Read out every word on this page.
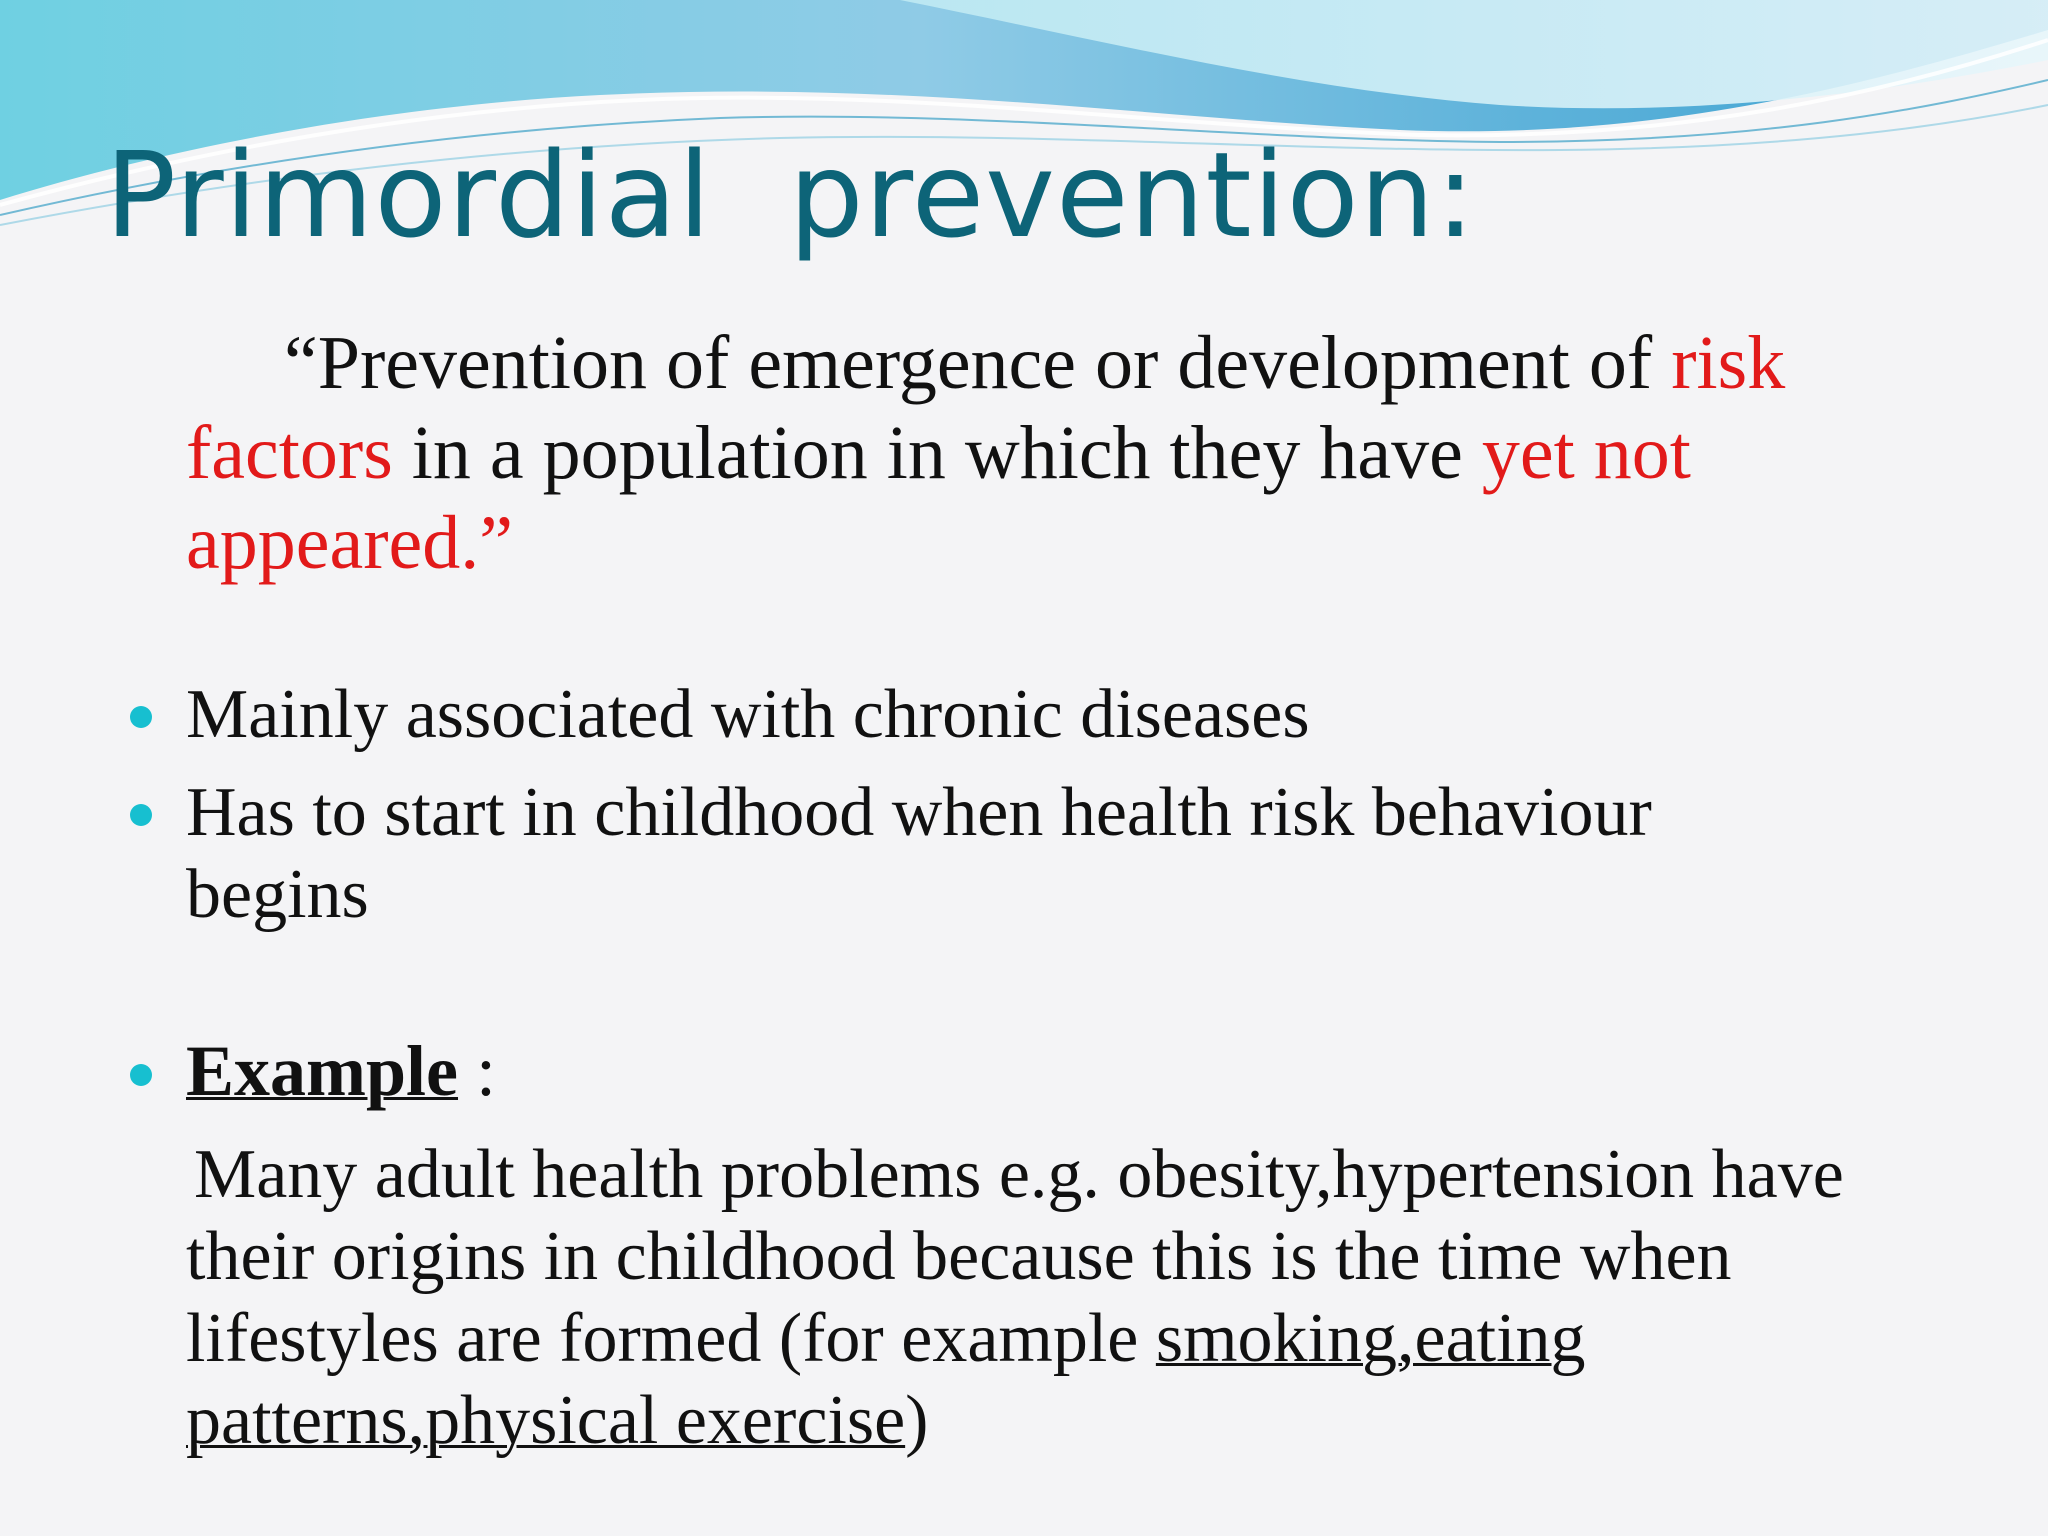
Primordial  prevention:

“Prevention of emergence or development of risk factors in a population in which they have yet not appeared.”

Mainly associated with chronic diseases
Has to start in childhood when health risk behaviour begins
Example :

Many adult health problems e.g. obesity,hypertension have their origins in childhood because this is the time when lifestyles are formed (for example smoking,eating patterns,physical exercise)
